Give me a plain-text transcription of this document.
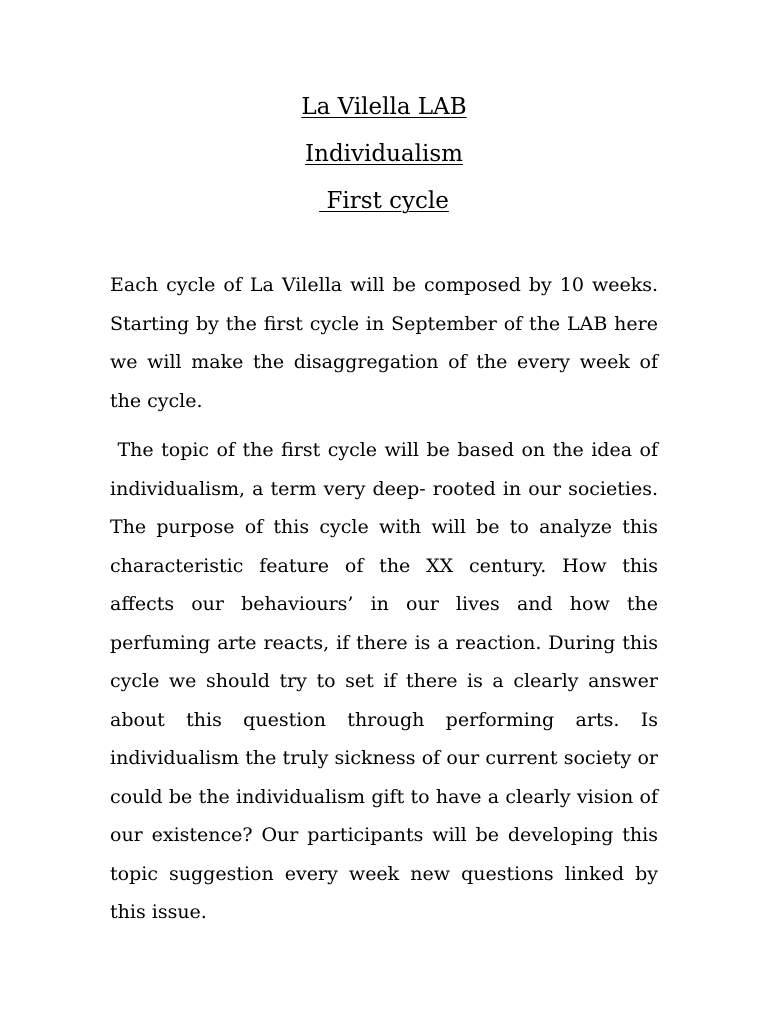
La Vilella LAB
Individualism
First cycle

Each cycle of La Vilella will be composed by 10 weeks. Starting by the first cycle in September of the LAB here we will make the disaggregation of the every week of the cycle.

The topic of the first cycle will be based on the idea of individualism, a term very deep- rooted in our societies. The purpose of this cycle with will be to analyze this characteristic feature of the XX century. How this affects our behaviours’ in our lives and how the perfuming arte reacts, if there is a reaction. During this cycle we should try to set if there is a clearly answer about this question through performing arts. Is individualism the truly sickness of our current society or could be the individualism gift to have a clearly vision of our existence? Our participants will be developing this topic suggestion every week new questions linked by this issue.
